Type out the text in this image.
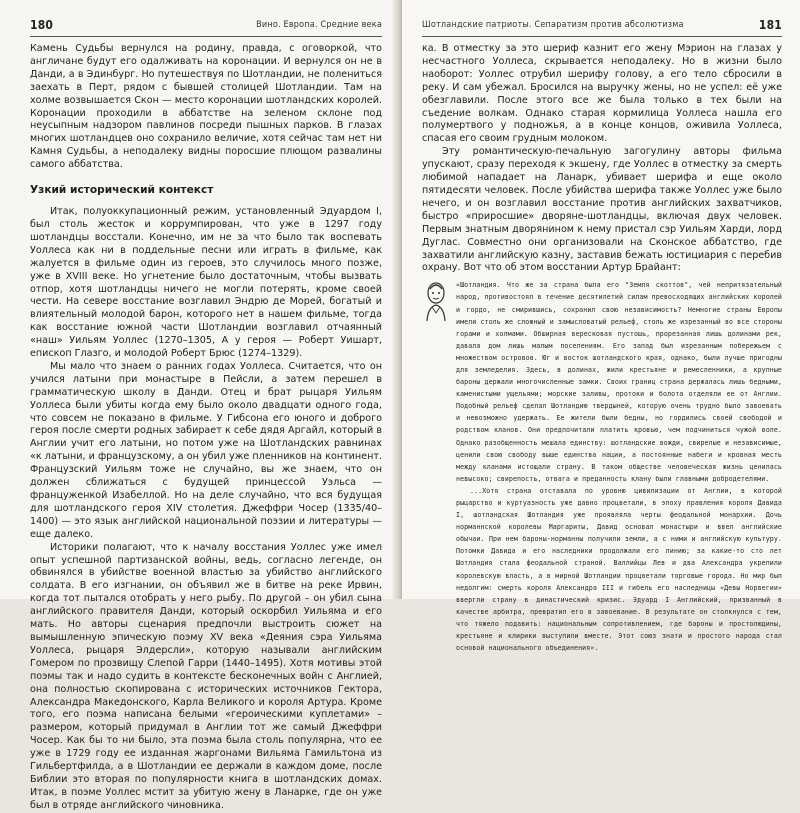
180	Вино. Европа. Средние века

Камень Судьбы вернулся на родину, правда, с оговоркой, что англичане будут его одалживать на коронации. И вернулся он не в Данди, а в Эдинбург. Но путешествуя по Шотландии, не полениться заехать в Перт, рядом с бывшей столицей Шотландии. Там на холме возвышается Скон — место коронации шотландских королей. Коронации проходили в аббатстве на зеленом склоне под неусыпным надзором павлинов посреди пышных парков. В глазах многих шотландцев оно сохранило величие, хотя сейчас там нет ни Камня Судьбы, а неподалеку видны поросшие плющом развалины самого аббатства.

Узкий исторический контекст

Итак, полуоккупационный режим, установленный Эдуардом I, был столь жесток и коррумпирован, что уже в 1297 году шотландцы восстали. Конечно, им не за что было так воспевать Уоллеса как ни в поддельные песни или играть в фильме, как жалуется в фильме один из героев, это случилось много позже, уже в XVIII веке. Но угнетение было достаточным, чтобы вызвать отпор, хотя шотландцы ничего не могли потерять, кроме своей чести. На севере восстание возглавил Эндрю де Морей, богатый и влиятельный молодой барон, которого нет в нашем фильме, тогда как восстание южной части Шотландии возглавил отчаянный «наш» Уильям Уоллес (1270–1305, А у героя — Роберт Уишарт, епископ Глазго, и молодой Роберт Брюс (1274–1329).

Мы мало что знаем о ранних годах Уоллеса. Считается, что он учился латыни при монастыре в Пейсли, а затем перешел в грамматическую школу в Данди. Отец и брат рыцаря Уильям Уоллеса были убиты когда ему было около двадцати одного года, что совсем не показано в фильме. У Гибсона его юного и доброго героя после смерти родных забирает к себе дядя Аргайл, который в Англии учит его латыни, но потом уже на Шотландских равнинах «к латыни, и французскому, а он убил уже пленников на континент. Французский Уильям тоже не случайно, вы же знаем, что он должен сближаться с будущей принцессой Уэльса — француженкой Изабеллой. Но на деле случайно, что вся будущая для шотландского героя XIV столетия. Джеффри Чосер (1335/40–1400) — это язык английской национальной поэзии и литературы — еще далеко.

Историки полагают, что к началу восстания Уоллес уже имел опыт успешной партизанской войны, ведь, согласно легенде, он обвинялся в убийстве военной властью за убийство английского солдата. В его изгнании, он объявил же в битве на реке Ирвин, когда тот пытался отобрать у него рыбу. По другой – он убил сына английского правителя Данди, который оскорбил Уильяма и его мать. Но авторы сценария предпочли выстроить сюжет на вымышленную эпическую поэму XV века «Деяния сэра Уильяма Уоллеса, рыцаря Элдерсли», которую называли английским Гомером по прозвищу Слепой Гарри (1440–1495). Хотя мотивы этой поэмы так и надо судить в контексте бесконечных войн с Англией, она полностью скопирована с исторических источников Гектора, Александра Македонского, Карла Великого и короля Артура. Кроме того, его поэма написана белыми «героическими куплетами» – размером, который придумал в Англии тот же самый Джеффри Чосер. Как бы то ни было, эта поэма была столь популярна, что ее уже в 1729 году ее изданная жаргонами Вильяма Гамильтона из Гильбертфилда, а в Шотландии ее держали в каждом доме, после Библии это вторая по популярности книга в шотландских домах. Итак, в поэме Уоллес мстит за убитую жену в Ланарке, где он уже был в отряде английского чиновника.

Шотландские патриоты. Сепаратизм против абсолютизма	181

ка. В отместку за это шериф казнит его жену Мэрион на глазах у несчастного Уоллеса, скрывается неподалеку. Но в жизни было наоборот: Уоллес отрубил шерифу голову, а его тело сбросили в реку. И сам убежал. Бросился на выручку жены, но не успел: её уже обезглавили. После этого все же была только в тех были на съедение волкам. Однако старая кормилица Уоллеса нашла его полумертвого у подножья, а в конце концов, оживила Уоллеса, спасая его своим грудным молоком.

Эту романтическую-печальную загогулину авторы фильма упускают, сразу переходя к экшену, где Уоллес в отместку за смерть любимой нападает на Ланарк, убивает шерифа и еще около пятидесяти человек. После убийства шерифа также Уоллес уже было нечего, и он возглавил восстание против английских захватчиков, быстро «приросшие» дворяне-шотландцы, включая двух человек. Первым знатным дворянином к нему пристал сэр Уильям Харди, лорд Дуглас. Совместно они организовали на Сконское аббатство, где захватили английскую казну, заставив бежать юстициария с перебив охрану. Вот что об этом восстании Артур Брайант:

«Шотландия. Что же за страна была его "Земля скоттов", чей непритязательный народ, противостоял в течение десятилетий силам превосходящих английских королей и гордо, не смирившись, сохранил свою независимость? Немногие страны Европы имели столь же сложный и замысловатый рельеф, столь же изрезанный во все стороны горами и холмами. Обширная вересковая пустошь, прорезанная лишь долинами рек, давала дом лишь малым поселениям. Его запад был изрезанным побережьем с множеством островов. Юг и восток шотландского края, однако, были лучше пригодны для земледелия. Здесь, в долинах, жили крестьяне и ремесленники, а крупные бароны держали многочисленные замки. Своих границ страна держалась лишь бедными, каменистыми ущельями; морские заливы, протоки и болота отделяли ее от Англии. Подобный рельеф сделал Шотландию твердыней, которую очень трудно было завоевать и невозможно удержать. Ее жители были бедны, но гордились своей свободой и родством кланов. Они предпочитали платить кровью, чем подчиниться чужой воле. Однако разобщенность мешала единству: шотландские вожди, свирепые и независимые, ценили свою свободу выше единства нации, а постоянные набеги и кровная месть между кланами истощали страну. В таком обществе человеческая жизнь ценилась невысоко; свирепость, отвага и преданность клану были главными добродетелями.

...Хотя страна отставала по уровню цивилизации от Англии, в которой рыцарство и куртуазность уже давно процветали, в эпоху правления короля Давида I, шотландская Шотландия уже проявляла черты феодальной монархии. Дочь норманнской королевы Маргариты, Давид основал монастыри и ввел английские обычаи. При нем бароны-норманны получили земли, а с ними и английскую культуру. Потомки Давида и его наследники продолжали его линию; за какие-то сто лет Шотландия стала феодальной страной. Валлийцы Лев и два Александра укрепили королевскую власть, а в мирной Шотландии процветали торговые города. Но мир был недолгим: смерть короля Александра III и гибель его наследницы «Девы Норвегии» ввергли страну в династический кризис. Эдуард I Английский, призванный в качестве арбитра, превратил его в завоевание. В результате он столкнулся с тем, что тяжело подавить: национальным сопротивлением, где бароны и простолюдины, крестьяне и клирики выступили вместе. Этот союз знати и простого народа стал основой национального объединения».
